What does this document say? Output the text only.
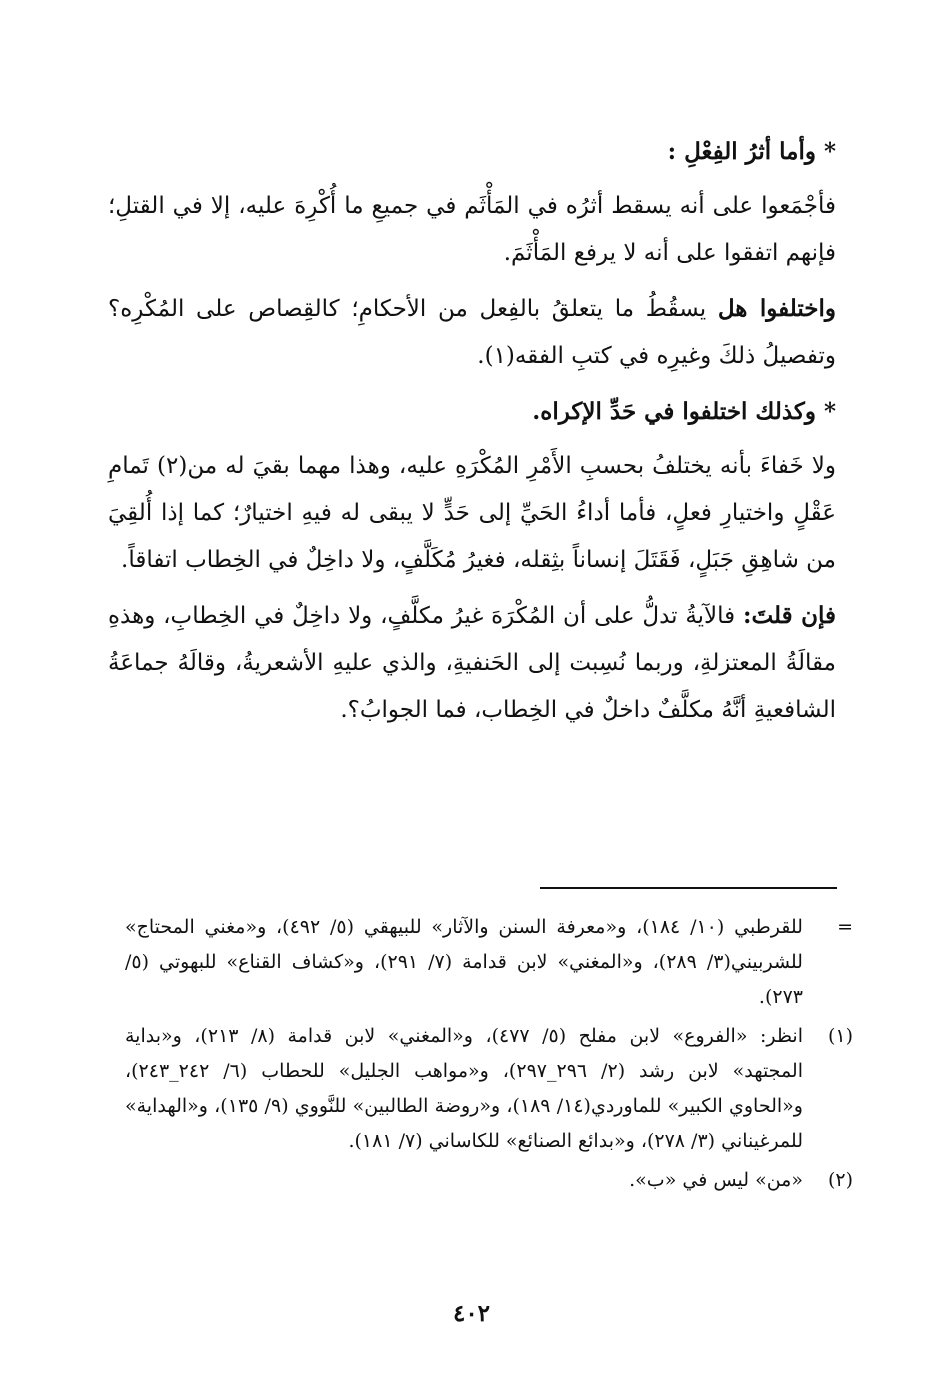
* وأما أثرُ الفِعْلِ :

فأجْمَعوا على أنه يسقط أثرُه في المَأْثَم في جميعِ ما أُكْرِهَ عليه، إلا في القتلِ؛ فإنهم اتفقوا على أنه لا يرفع المَأْثَمَ.

واختلفوا هل يسقُطُ ما يتعلقُ بالفِعل من الأحكامِ؛ كالقِصاص على المُكْرِه؟ وتفصيلُ ذلكَ وغيرِه في كتبِ الفقه(١).

* وكذلك اختلفوا في حَدِّ الإكراه.

ولا خَفاءَ بأنه يختلفُ بحسبِ الأَمْرِ المُكْرَهِ عليه، وهذا مهما بقيَ له من(٢) تَمامِ عَقْلٍ واختيارِ فعلٍ، فأما أداءُ الحَيِّ إلى حَدٍّ لا يبقى له فيهِ اختيارٌ؛ كما إذا أُلقِيَ من شاهِقِ جَبَلٍ، فَقَتَلَ إنساناً بثِقله، فغيرُ مُكَلَّفٍ، ولا داخِلٌ في الخِطاب اتفاقاً.

فإن قلتَ: فالآيةُ تدلُّ على أن المُكْرَهَ غيرُ مكلَّفٍ، ولا داخِلٌ في الخِطابِ، وهذهِ مقالَةُ المعتزلةِ، وربما نُسِبت إلى الحَنفيةِ، والذي عليهِ الأشعريةُ، وقالَهُ جماعَةُ الشافعيةِ أنَّهُ مكلَّفٌ داخلٌ في الخِطاب، فما الجوابُ؟.

=
للقرطبي (١٠/ ١٨٤)، و«معرفة السنن والآثار» للبيهقي (٥/ ٤٩٢)، و«مغني المحتاج» للشربيني(٣/ ٢٨٩)، و«المغني» لابن قدامة (٧/ ٢٩١)، و«كشاف القناع» للبهوتي (٥/ ٢٧٣).
(١)
انظر: «الفروع» لابن مفلح (٥/ ٤٧٧)، و«المغني» لابن قدامة (٨/ ٢١٣)، و«بداية المجتهد» لابن رشد (٢/ ٢٩٦_٢٩٧)، و«مواهب الجليل» للحطاب (٦/ ٢٤٢_٢٤٣)، و«الحاوي الكبير» للماوردي(١٤/ ١٨٩)، و«روضة الطالبين» للنَّووي (٩/ ١٣٥)، و«الهداية» للمرغيناني (٣/ ٢٧٨)، و«بدائع الصنائع» للكاساني (٧/ ١٨١).
(٢)
«من» ليس في «ب».
٤٠٢
